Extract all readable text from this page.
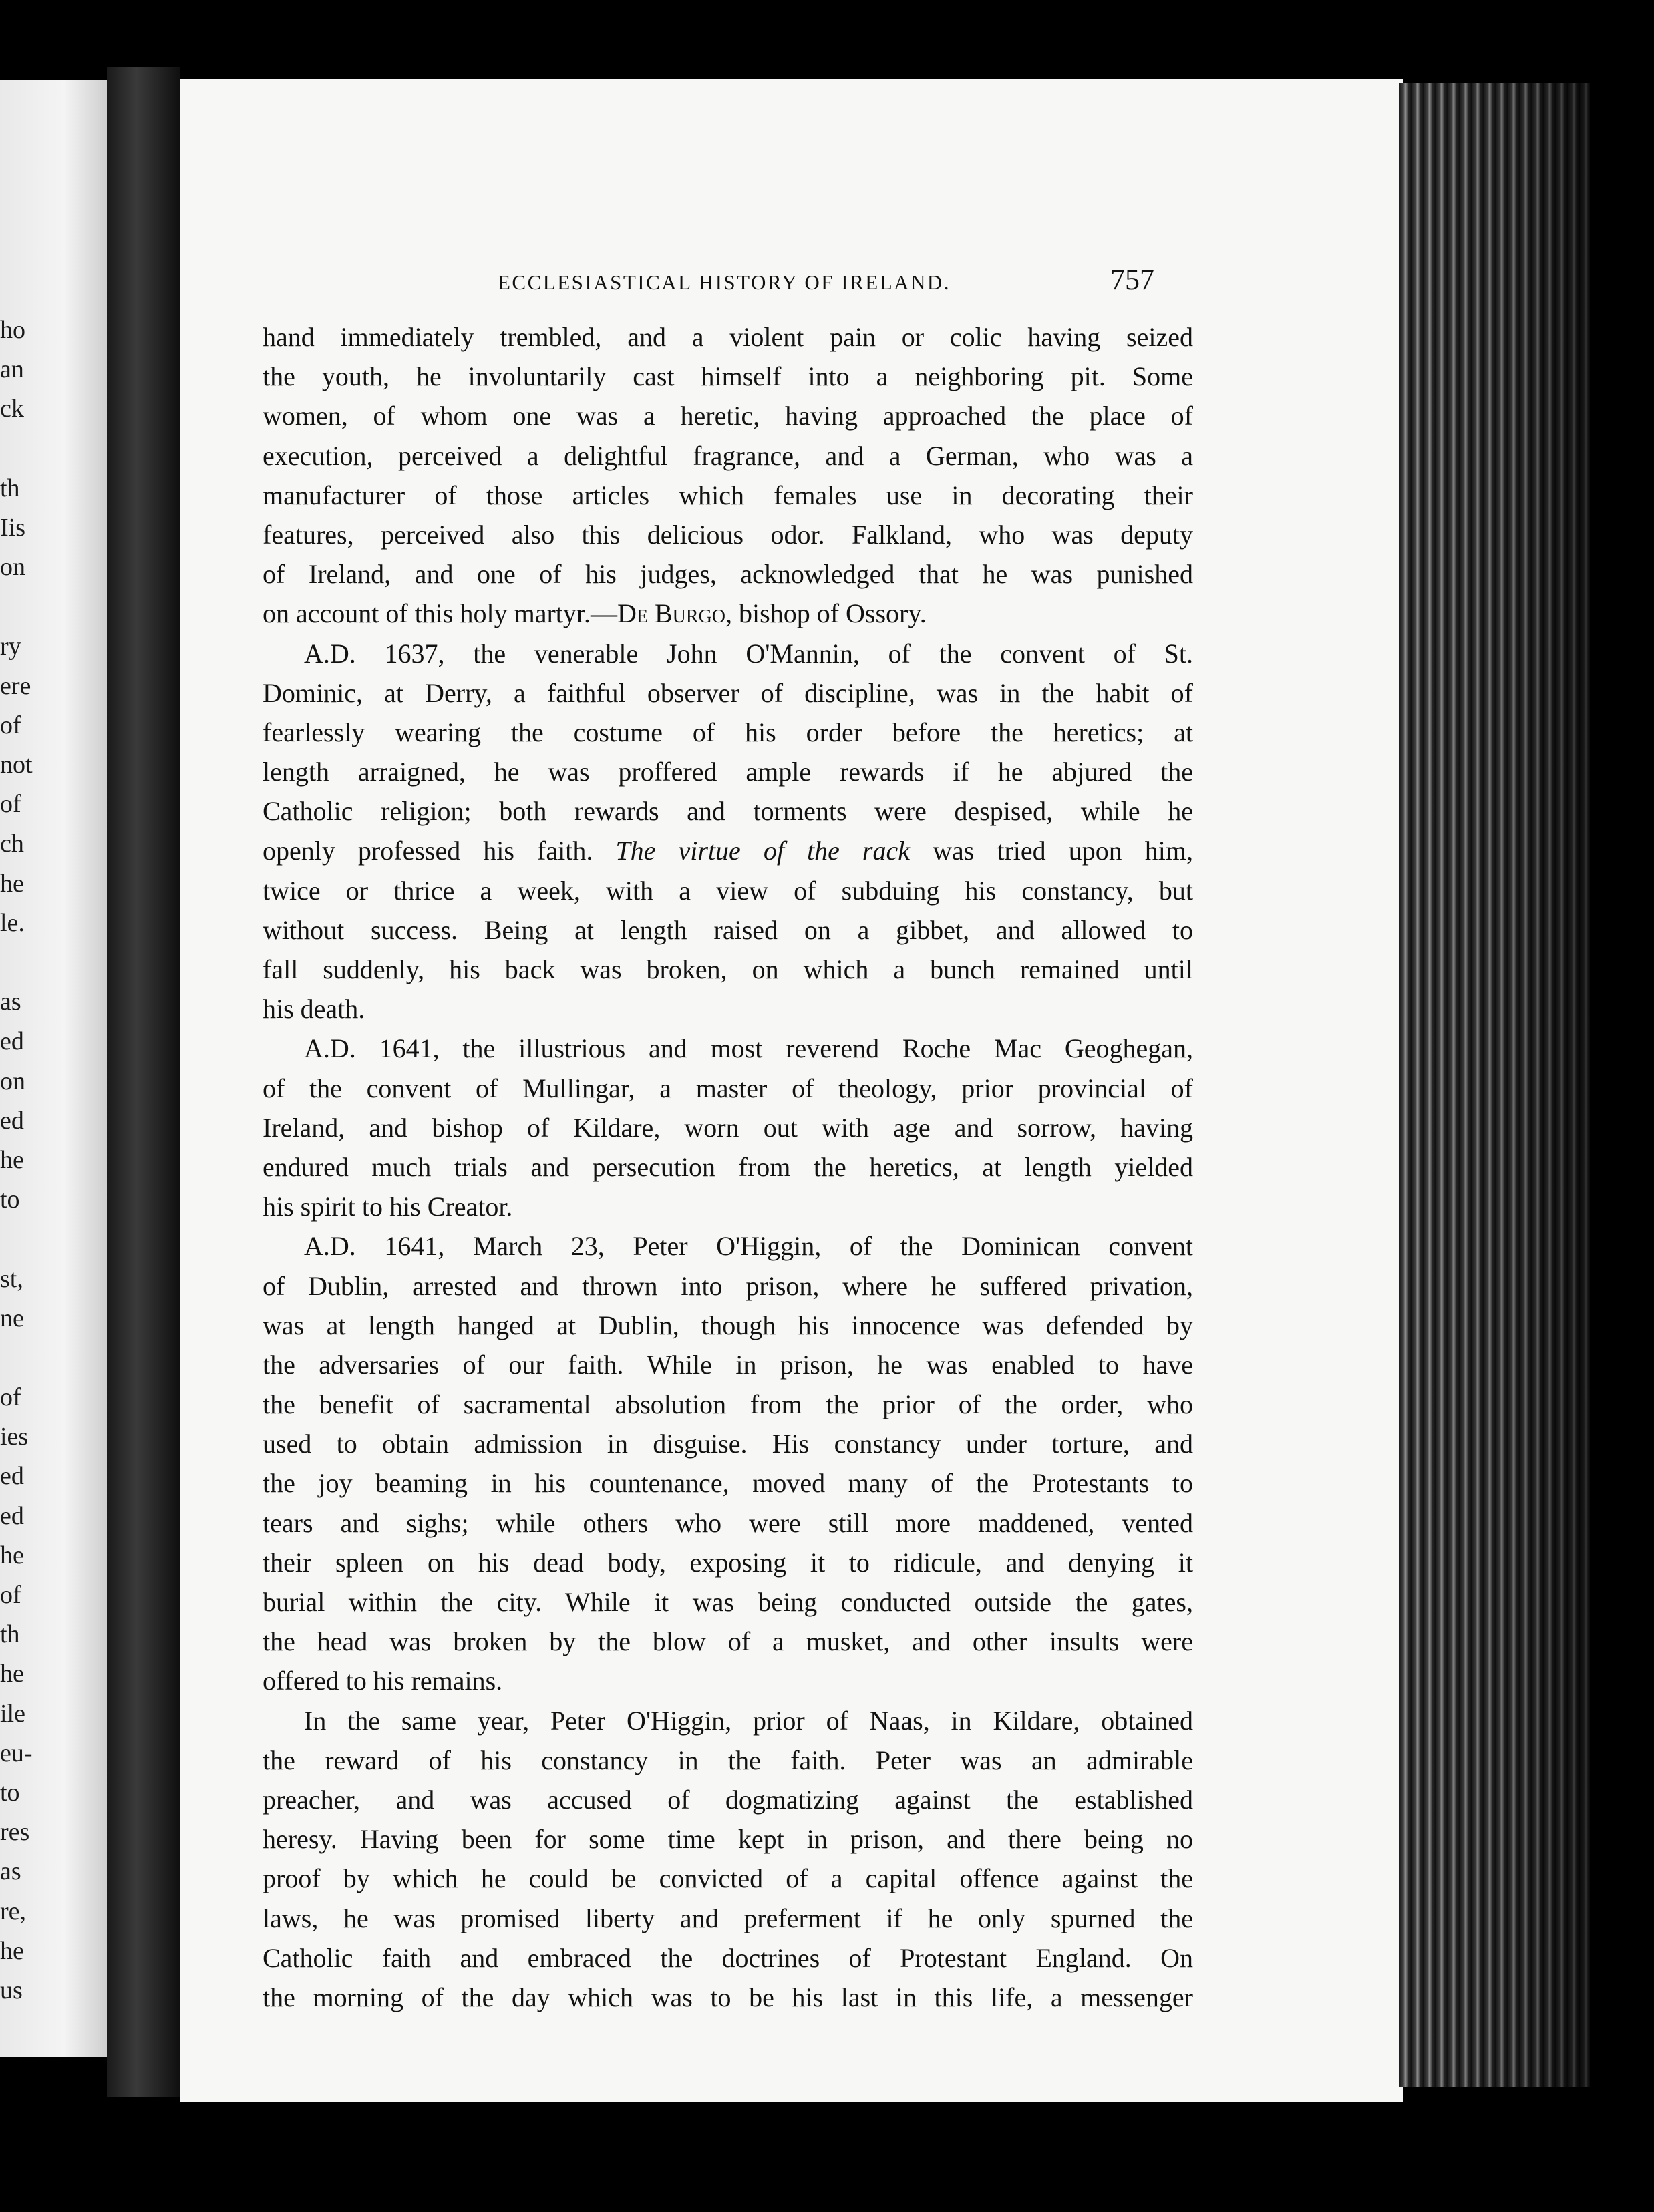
ho
an
ck
th
Iis
on
ry
ere
of
not
of
ch
he
le.
as
ed
on
ed
he
to
st,
ne
of
ies
ed
ed
he
of
th
he
ile
eu-
to
res
as
re,
he
us
ECCLESIASTICAL HISTORY OF IRELAND.	757
hand immediately trembled, and a violent pain or colic having seized
the youth, he involuntarily cast himself into a neighboring pit. Some
women, of whom one was a heretic, having approached the place of
execution, perceived a delightful fragrance, and a German, who was a
manufacturer of those articles which females use in decorating their
features, perceived also this delicious odor. Falkland, who was deputy
of Ireland, and one of his judges, acknowledged that he was punished
on account of this holy martyr.—De Burgo, bishop of Ossory.
A.D. 1637, the venerable John O'Mannin, of the convent of St.
Dominic, at Derry, a faithful observer of discipline, was in the habit of
fearlessly wearing the costume of his order before the heretics; at
length arraigned, he was proffered ample rewards if he abjured the
Catholic religion; both rewards and torments were despised, while he
openly professed his faith. The virtue of the rack was tried upon him,
twice or thrice a week, with a view of subduing his constancy, but
without success. Being at length raised on a gibbet, and allowed to
fall suddenly, his back was broken, on which a bunch remained until
his death.
A.D. 1641, the illustrious and most reverend Roche Mac Geoghegan,
of the convent of Mullingar, a master of theology, prior provincial of
Ireland, and bishop of Kildare, worn out with age and sorrow, having
endured much trials and persecution from the heretics, at length yielded
his spirit to his Creator.
A.D. 1641, March 23, Peter O'Higgin, of the Dominican convent
of Dublin, arrested and thrown into prison, where he suffered privation,
was at length hanged at Dublin, though his innocence was defended by
the adversaries of our faith. While in prison, he was enabled to have
the benefit of sacramental absolution from the prior of the order, who
used to obtain admission in disguise. His constancy under torture, and
the joy beaming in his countenance, moved many of the Protestants to
tears and sighs; while others who were still more maddened, vented
their spleen on his dead body, exposing it to ridicule, and denying it
burial within the city. While it was being conducted outside the gates,
the head was broken by the blow of a musket, and other insults were
offered to his remains.
In the same year, Peter O'Higgin, prior of Naas, in Kildare, obtained
the reward of his constancy in the faith. Peter was an admirable
preacher, and was accused of dogmatizing against the established
heresy. Having been for some time kept in prison, and there being no
proof by which he could be convicted of a capital offence against the
laws, he was promised liberty and preferment if he only spurned the
Catholic faith and embraced the doctrines of Protestant England. On
the morning of the day which was to be his last in this life, a messenger
